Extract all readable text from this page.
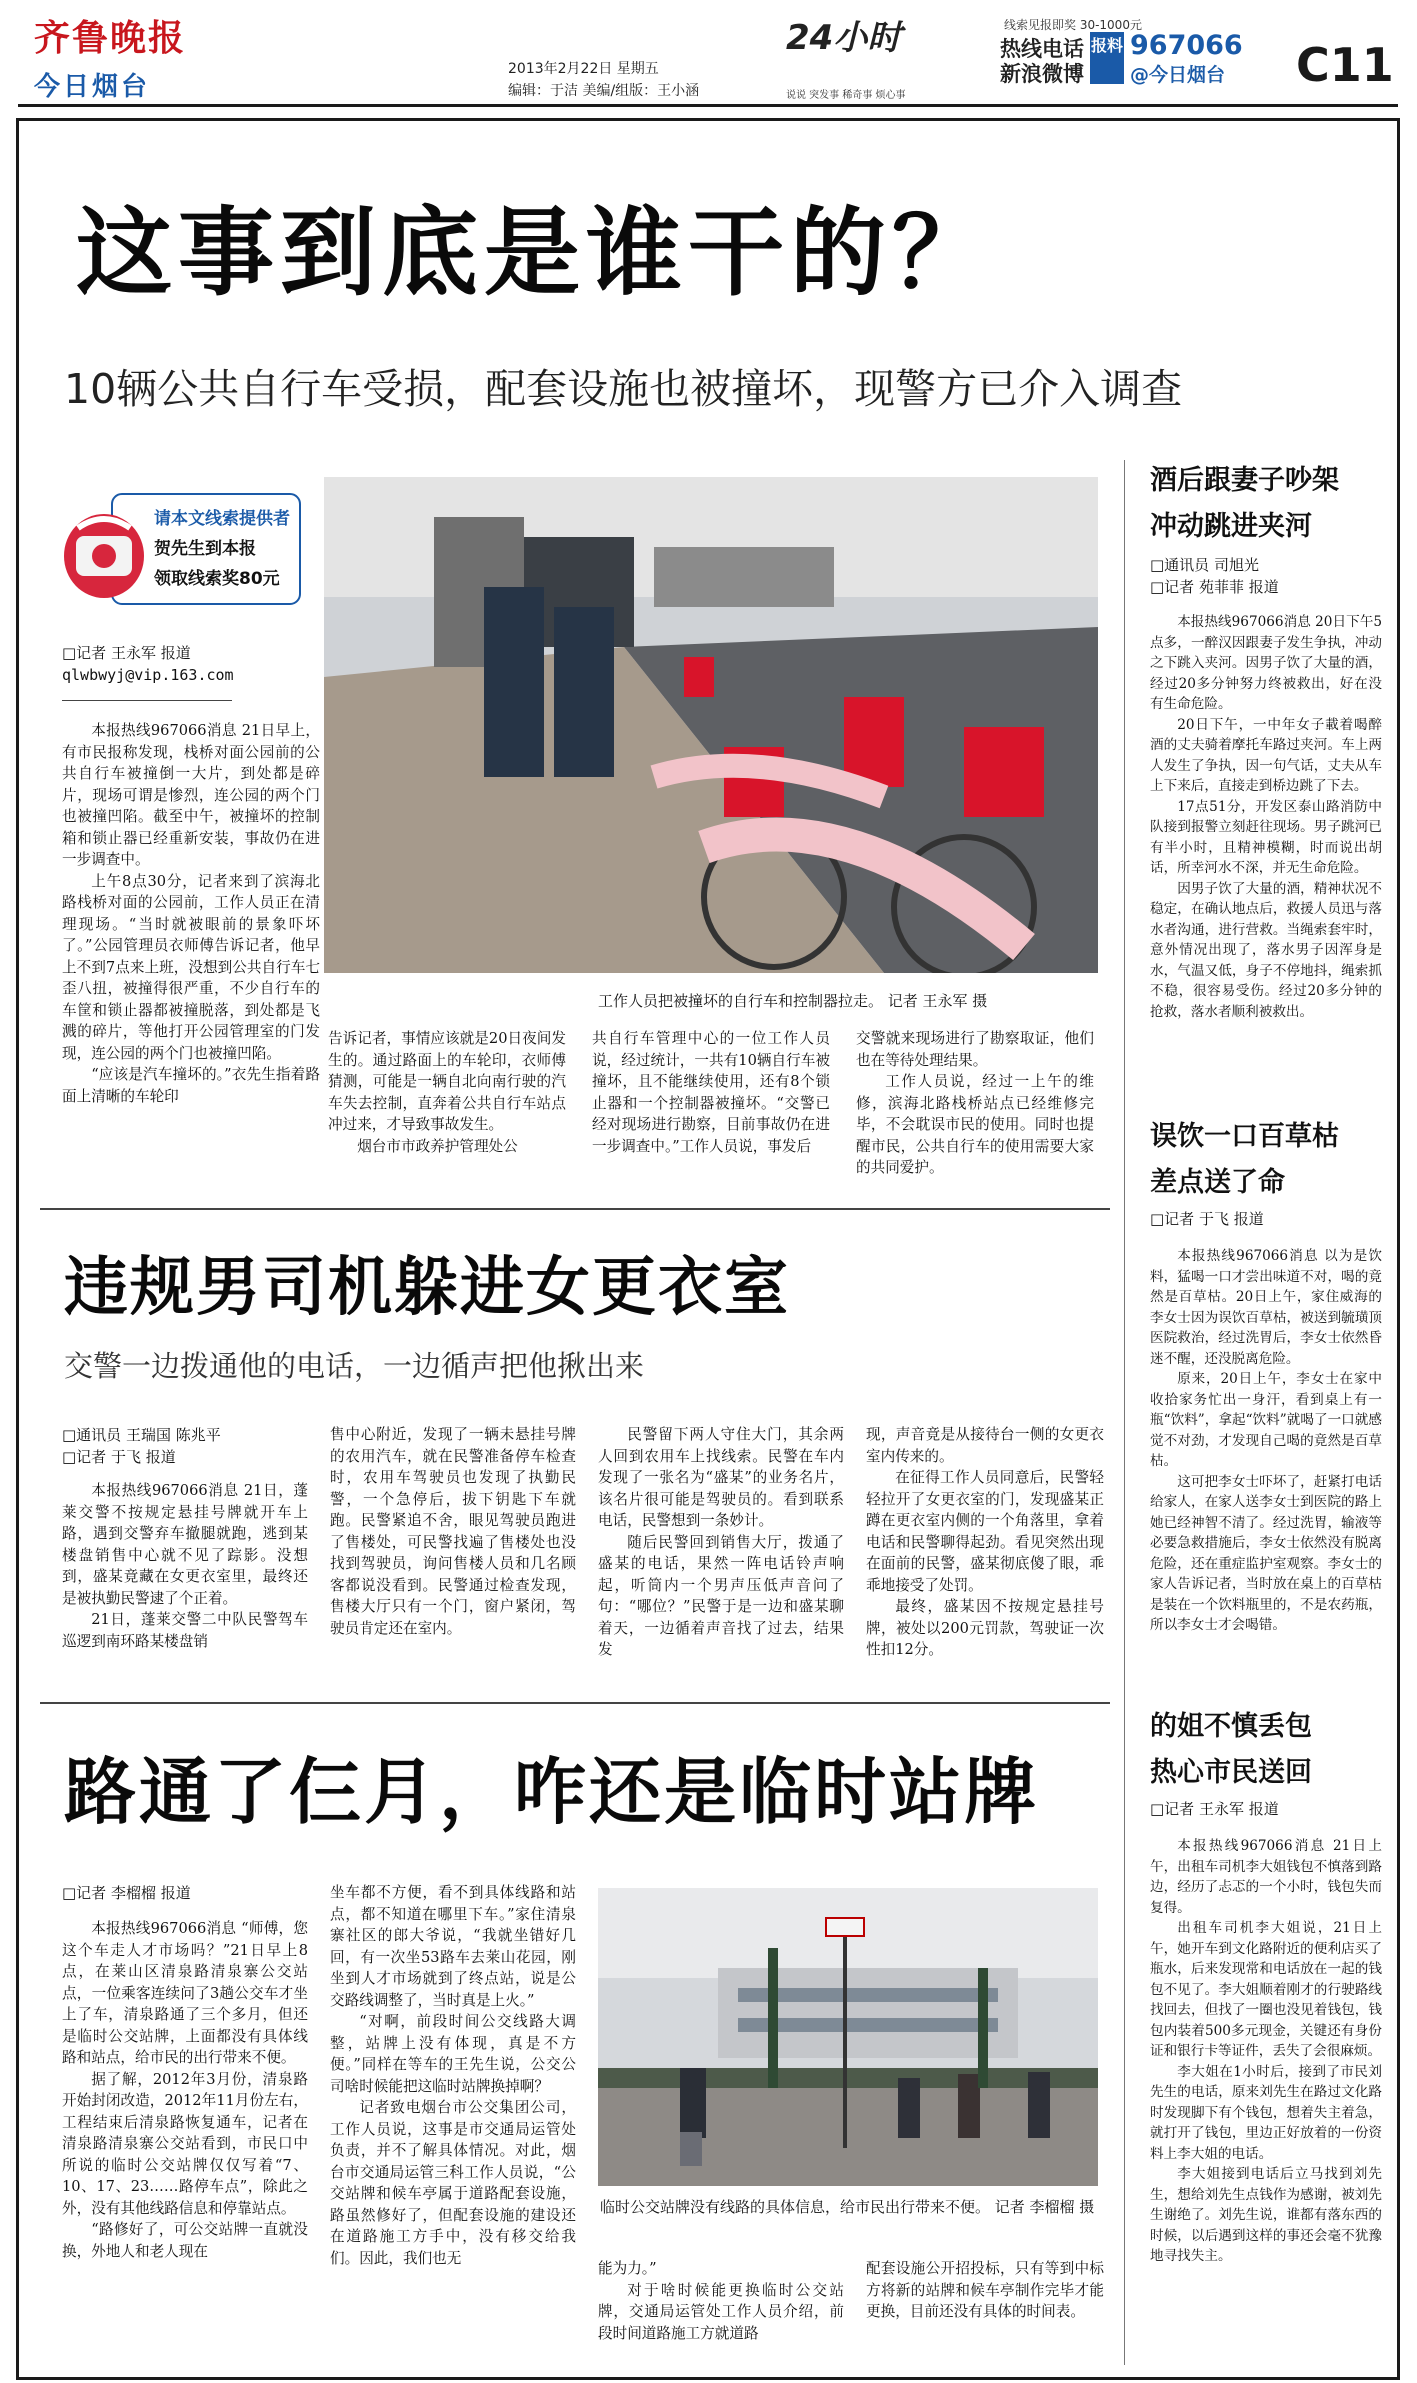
齐鲁晚报
今日烟台
2013年2月22日 星期五
编辑：于洁 美编/组版：王小涵
24小时
说说 突发事 稀奇事 烦心事
线索见报即奖 30-1000元
热线电话
新浪微博
报料 967066
@今日烟台 C11
这事到底是谁干的？
10辆公共自行车受损，配套设施也被撞坏，现警方已介入调查
请本文线索提供者
贺先生到本报
领取线索奖80元
□记者 王永军 报道
qlwbwyj@vip.163.com

本报热线967066消息 21日早上，有市民报称发现，栈桥对面公园前的公共自行车被撞倒一大片，到处都是碎片，现场可谓是惨烈，连公园的两个门也被撞凹陷。截至中午，被撞坏的控制箱和锁止器已经重新安装，事故仍在进一步调查中。

上午8点30分，记者来到了滨海北路栈桥对面的公园前，工作人员正在清理现场。“当时就被眼前的景象吓坏了。”公园管理员衣师傅告诉记者，他早上不到7点来上班，没想到公共自行车七歪八扭，被撞得很严重，不少自行车的车筐和锁止器都被撞脱落，到处都是飞溅的碎片，等他打开公园管理室的门发现，连公园的两个门也被撞凹陷。

“应该是汽车撞坏的。”衣先生指着路面上清晰的车轮印

工作人员把被撞坏的自行车和控制器拉走。 记者 王永军 摄

告诉记者，事情应该就是20日夜间发生的。通过路面上的车轮印，衣师傅猜测，可能是一辆自北向南行驶的汽车失去控制，直奔着公共自行车站点冲过来，才导致事故发生。

烟台市市政养护管理处公

共自行车管理中心的一位工作人员说，经过统计，一共有10辆自行车被撞坏，且不能继续使用，还有8个锁止器和一个控制器被撞坏。“交警已经对现场进行勘察，目前事故仍在进一步调查中。”工作人员说，事发后

交警就来现场进行了勘察取证，他们也在等待处理结果。

工作人员说，经过一上午的维修，滨海北路栈桥站点已经维修完毕，不会耽误市民的使用。同时也提醒市民，公共自行车的使用需要大家的共同爱护。

酒后跟妻子吵架
冲动跳进夹河
□通讯员 司旭光
□记者 苑菲菲 报道

本报热线967066消息 20日下午5点多，一醉汉因跟妻子发生争执，冲动之下跳入夹河。因男子饮了大量的酒，经过20多分钟努力终被救出，好在没有生命危险。

20日下午，一中年女子載着喝醉酒的丈夫骑着摩托车路过夹河。车上两人发生了争执，因一句气话，丈夫从车上下来后，直接走到桥边跳了下去。

17点51分，开发区泰山路消防中队接到报警立刻赶往现场。男子跳河已有半小时，且精神模糊，时而说出胡话，所幸河水不深，并无生命危险。

因男子饮了大量的酒，精神状况不稳定，在确认地点后，救援人员迅与落水者沟通，进行营救。当绳索套牢时，意外情况出现了，落水男子因浑身是水，气温又低，身子不停地抖，绳索抓不稳，很容易受伤。经过20多分钟的抢救，落水者顺利被救出。

误饮一口百草枯
差点送了命
□记者 于飞 报道

本报热线967066消息 以为是饮料，猛喝一口才尝出味道不对，喝的竟然是百草枯。20日上午，家住威海的李女士因为误饮百草枯，被送到毓璜顶医院救治，经过洗胃后，李女士依然昏迷不醒，还没脱离危险。

原来，20日上午，李女士在家中收拾家务忙出一身汗，看到桌上有一瓶“饮料”，拿起“饮料”就喝了一口就感觉不对劲，才发现自己喝的竟然是百草枯。

这可把李女士吓坏了，赶紧打电话给家人，在家人送李女士到医院的路上她已经神智不清了。经过洗胃，输液等必要急救措施后，李女士依然没有脱离危险，还在重症监护室观察。李女士的家人告诉记者，当时放在桌上的百草枯是装在一个饮料瓶里的，不是农药瓶，所以李女士才会喝错。

的姐不慎丢包
热心市民送回
□记者 王永军 报道

本报热线967066消息 21日上午，出租车司机李大姐钱包不慎落到路边，经历了忐忑的一个小时，钱包失而复得。

出租车司机李大姐说，21日上午，她开车到文化路附近的便利店买了瓶水，后来发现常和电话放在一起的钱包不见了。李大姐顺着刚才的行驶路线找回去，但找了一圈也没见着钱包，钱包内装着500多元现金，关键还有身份证和银行卡等证件，丢失了会很麻烦。

李大姐在1小时后，接到了市民刘先生的电话，原来刘先生在路过文化路时发现脚下有个钱包，想着失主着急，就打开了钱包，里边正好放着的一份资料上李大姐的电话。

李大姐接到电话后立马找到刘先生，想给刘先生点钱作为感谢，被刘先生谢绝了。刘先生说，谁都有落东西的时候，以后遇到这样的事还会毫不犹豫地寻找失主。

违规男司机躲进女更衣室
交警一边拨通他的电话，一边循声把他揪出来
□通讯员 王瑞国 陈兆平
□记者 于飞 报道

本报热线967066消息 21日，蓬莱交警不按规定悬挂号牌就开车上路，遇到交警弃车撤腿就跑，逃到某楼盘销售中心就不见了踪影。没想到，盛某竟藏在女更衣室里，最终还是被执勤民警逮了个正着。

21日，蓬莱交警二中队民警驾车巡逻到南环路某楼盘销

售中心附近，发现了一辆未悬挂号牌的农用汽车，就在民警准备停车检查时，农用车驾驶员也发现了执勤民警，一个急停后，拔下钥匙下车就跑。民警紧追不舍，眼见驾驶员跑进了售楼处，可民警找遍了售楼处也没找到驾驶员，询问售楼人员和几名顾客都说没看到。民警通过检查发现，售楼大厅只有一个门，窗户紧闭，驾驶员肯定还在室内。

民警留下两人守住大门，其余两人回到农用车上找线索。民警在车内发现了一张名为“盛某”的业务名片，该名片很可能是驾驶员的。看到联系电话，民警想到一条妙计。

随后民警回到销售大厅，拨通了盛某的电话，果然一阵电话铃声响起，听筒内一个男声压低声音问了句：“哪位？”民警于是一边和盛某聊着天，一边循着声音找了过去，结果发

现，声音竟是从接待台一侧的女更衣室内传来的。

在征得工作人员同意后，民警轻轻拉开了女更衣室的门，发现盛某正蹲在更衣室内侧的一个角落里，拿着电话和民警聊得起劲。看见突然出现在面前的民警，盛某彻底傻了眼，乖乖地接受了处罚。

最终，盛某因不按规定悬挂号牌，被处以200元罚款，驾驶证一次性扣12分。

路通了仨月，咋还是临时站牌
□记者 李榴榴 报道

本报热线967066消息 “师傅，您这个车走人才市场吗？”21日早上8点，在莱山区清泉路清泉寨公交站点，一位乘客连续问了3趟公交车才坐上了车，清泉路通了三个多月，但还是临时公交站牌，上面都没有具体线路和站点，给市民的出行带来不便。

据了解，2012年3月份，清泉路开始封闭改造，2012年11月份左右，工程结束后清泉路恢复通车，记者在清泉路清泉寨公交站看到，市民口中所说的临时公交站牌仅仅写着“7、10、17、23……路停车点”，除此之外，没有其他线路信息和停靠站点。

“路修好了，可公交站牌一直就没换，外地人和老人现在

坐车都不方便，看不到具体线路和站点，都不知道在哪里下车。”家住清泉寨社区的郎大爷说，“我就坐错好几回，有一次坐53路车去莱山花园，刚坐到人才市场就到了终点站，说是公交路线调整了，当时真是上火。”

“对啊，前段时间公交线路大调整，站牌上没有体现，真是不方便。”同样在等车的王先生说，公交公司啥时候能把这临时站牌换掉啊？

记者致电烟台市公交集团公司，工作人员说，这事是市交通局运管处负责，并不了解具体情况。对此，烟台市交通局运管三科工作人员说，“公交站牌和候车亭属于道路配套设施，路虽然修好了，但配套设施的建设还在道路施工方手中，没有移交给我们。因此，我们也无

临时公交站牌没有线路的具体信息，给市民出行带来不便。 记者 李榴榴 摄

能为力。”

对于啥时候能更换临时公交站牌，交通局运管处工作人员介绍，前段时间道路施工方就道路

配套设施公开招投标，只有等到中标方将新的站牌和候车亭制作完毕才能更换，目前还没有具体的时间表。
